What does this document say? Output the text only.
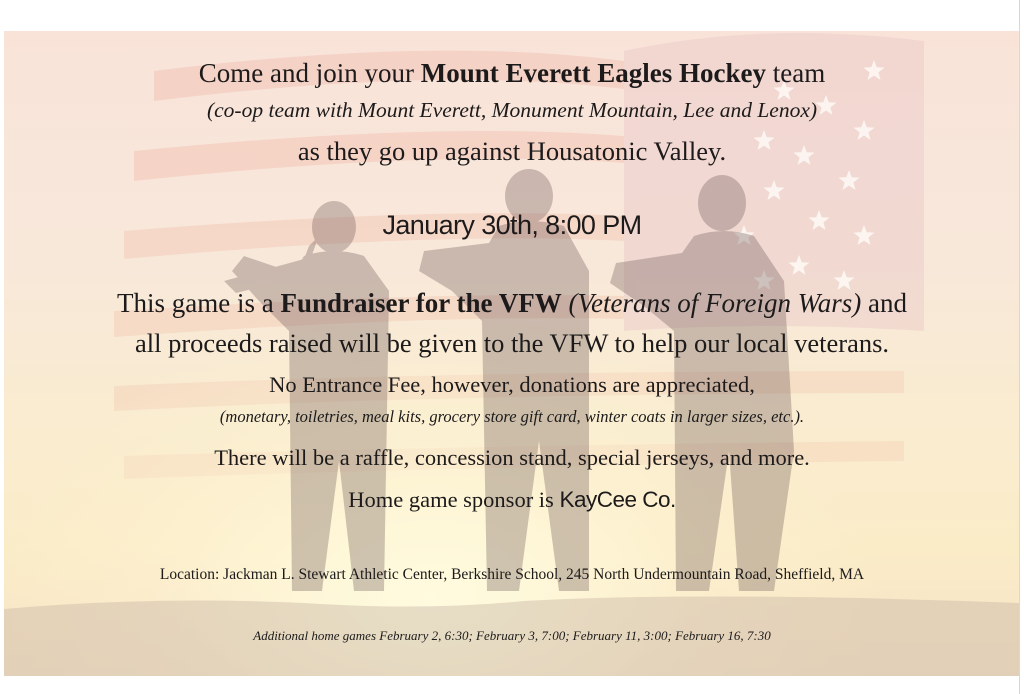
Come and join your Mount Everett Eagles Hockey team
(co-op team with Mount Everett, Monument Mountain, Lee and Lenox)
as they go up against Housatonic Valley.
January 30th, 8:00 PM
This game is a Fundraiser for the VFW (Veterans of Foreign Wars) and
all proceeds raised will be given to the VFW to help our local veterans.
No Entrance Fee, however, donations are appreciated,
(monetary, toiletries, meal kits, grocery store gift card, winter coats in larger sizes, etc.).
There will be a raffle, concession stand, special jerseys, and more.
Home game sponsor is KayCee Co.
Location: Jackman L. Stewart Athletic Center, Berkshire School, 245 North Undermountain Road, Sheffield, MA
Additional home games February 2, 6:30; February 3, 7:00; February 11, 3:00; February 16, 7:30
